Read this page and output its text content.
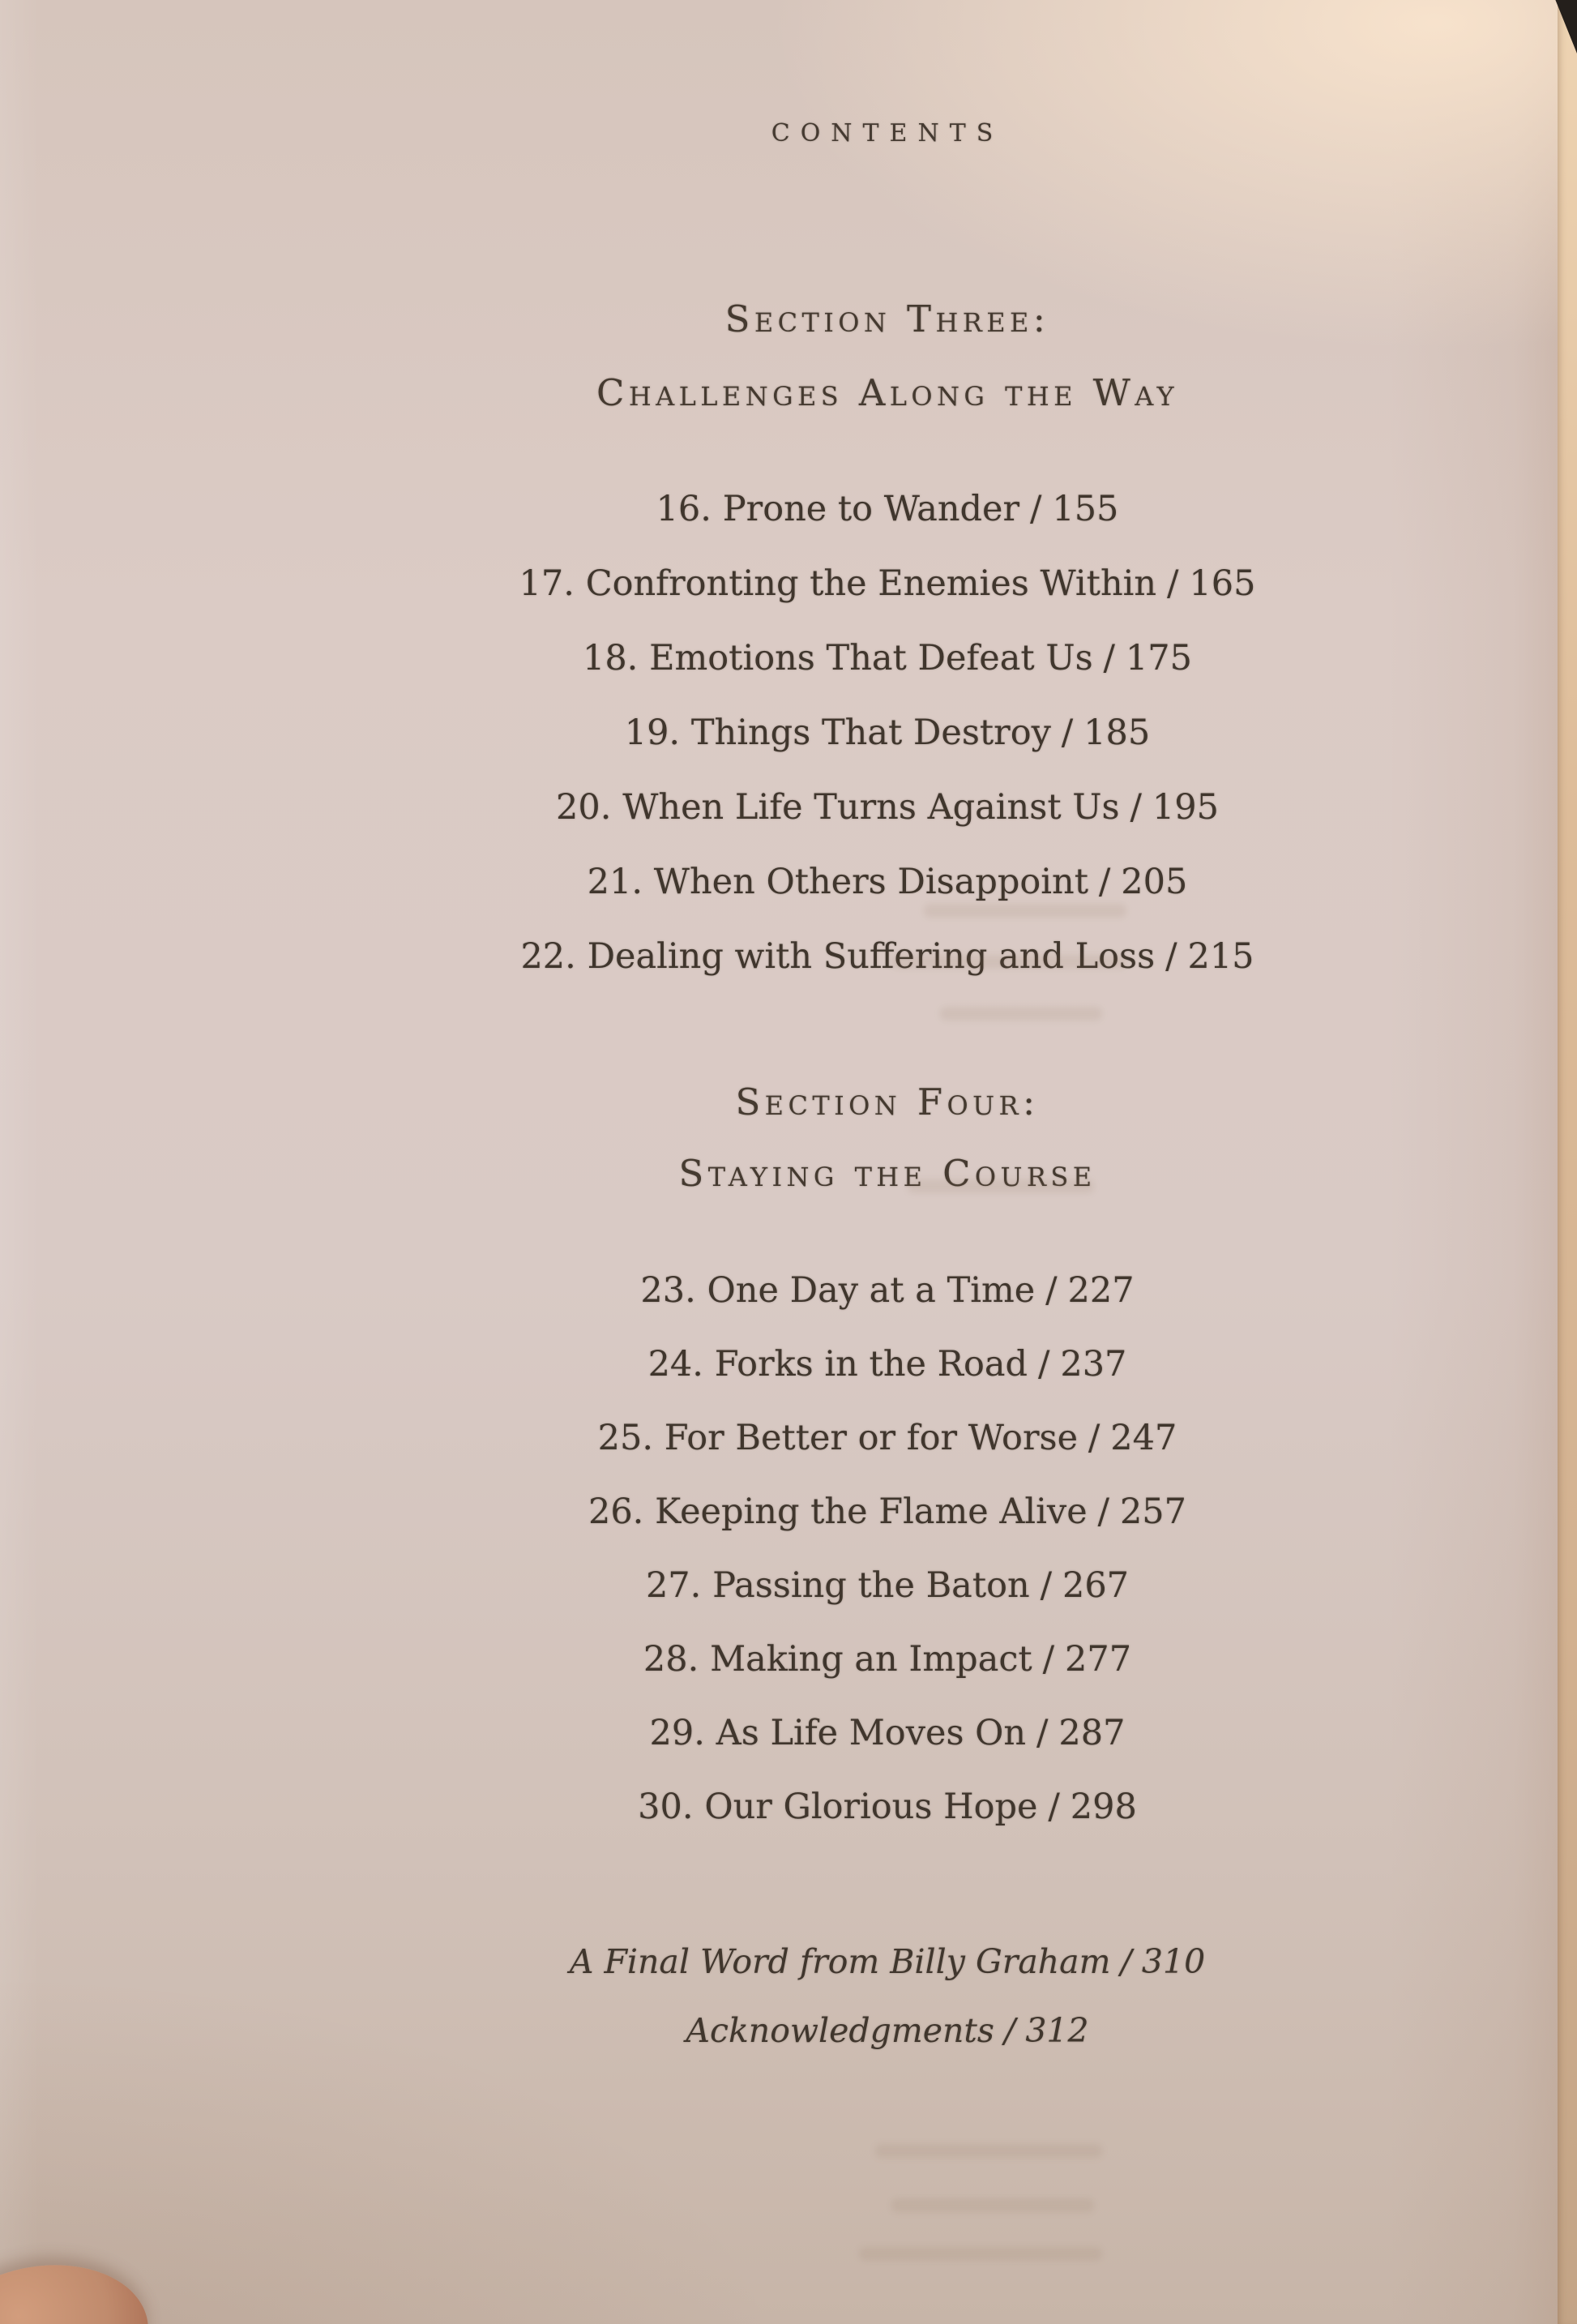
CONTENTS
Section Three:
Challenges Along the Way
16. Prone to Wander / 155
17. Confronting the Enemies Within / 165
18. Emotions That Defeat Us / 175
19. Things That Destroy / 185
20. When Life Turns Against Us / 195
21. When Others Disappoint / 205
22. Dealing with Suffering and Loss / 215
Section Four:
Staying the Course
23. One Day at a Time / 227
24. Forks in the Road / 237
25. For Better or for Worse / 247
26. Keeping the Flame Alive / 257
27. Passing the Baton / 267
28. Making an Impact / 277
29. As Life Moves On / 287
30. Our Glorious Hope / 298
A Final Word from Billy Graham / 310
Acknowledgments / 312
